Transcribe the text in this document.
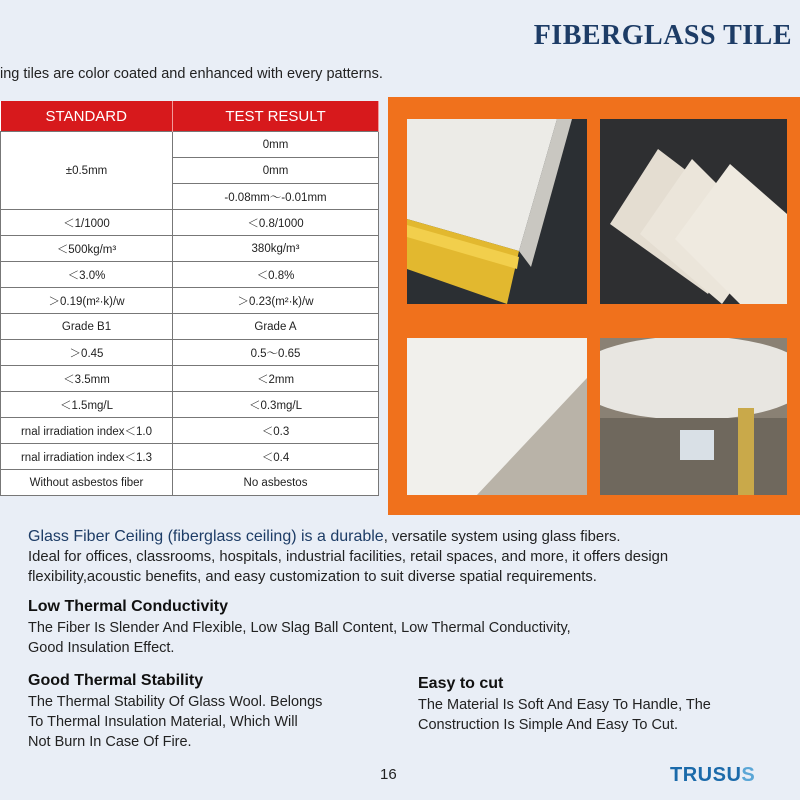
FIBERGLASS TILE
ing tiles are color coated and enhanced with every patterns.
STANDARD	TEST RESULT
±0.5mm	0mm
	0mm
	-0.08mm～-0.01mm
＜1/1000	＜0.8/1000
＜500kg/m³	380kg/m³
＜3.0%	＜0.8%
＞0.19(m²·k)/w	＞0.23(m²·k)/w
Grade B1	Grade A
＞0.45	0.5～0.65
＜3.5mm	＜2mm
＜1.5mg/L	＜0.3mg/L
rnal irradiation index＜1.0	＜0.3
rnal irradiation index＜1.3	＜0.4
Without asbestos fiber	No asbestos
Glass Fiber Ceiling (fiberglass ceiling) is a durable, versatile system using glass fibers.
Ideal for offices, classrooms, hospitals, industrial facilities, retail spaces, and more, it offers design
flexibility,acoustic benefits, and easy customization to suit diverse spatial requirements.
Low Thermal Conductivity

The Fiber Is Slender And Flexible, Low Slag Ball Content, Low Thermal Conductivity,
Good Insulation Effect.

Good Thermal Stability

The Thermal Stability Of Glass Wool. Belongs
To Thermal Insulation Material, Which Will
Not Burn In Case Of Fire.

Easy to cut

The Material Is Soft And Easy To Handle, The
Construction Is Simple And Easy To Cut.

16	TRUSUS
